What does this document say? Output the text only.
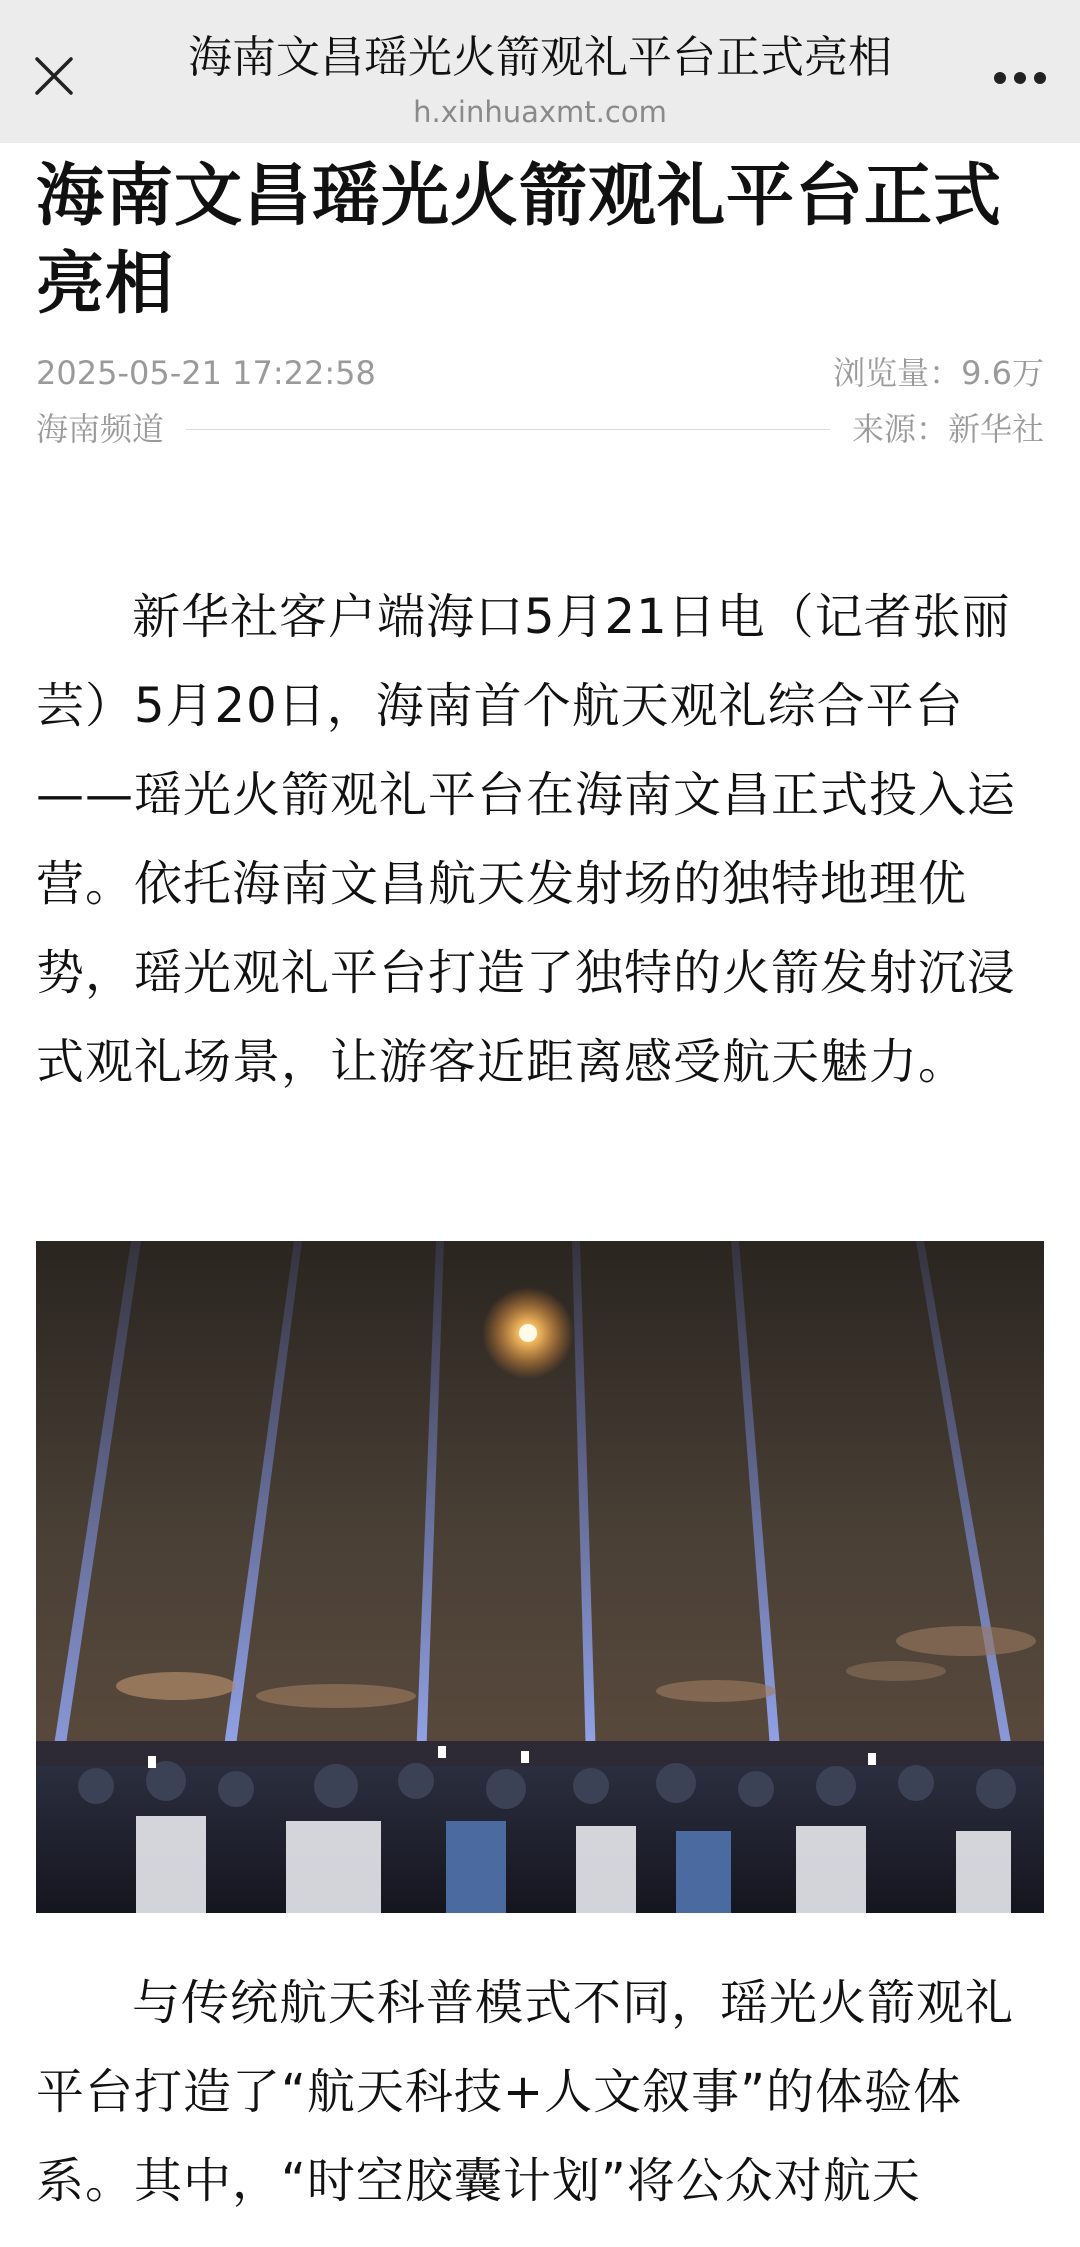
海南文昌瑶光火箭观礼平台正式亮相
h.xinhuaxmt.com
海南文昌瑶光火箭观礼平台正式亮相
2025-05-21 17:22:58	浏览量：9.6万
海南频道	来源：新华社

新华社客户端海口5月21日电（记者张丽芸）5月20日，海南首个航天观礼综合平台——瑶光火箭观礼平台在海南文昌正式投入运营。依托海南文昌航天发射场的独特地理优势，瑶光观礼平台打造了独特的火箭发射沉浸式观礼场景，让游客近距离感受航天魅力。

与传统航天科普模式不同，瑶光火箭观礼平台打造了“航天科技+人文叙事”的体验体系。其中，“时空胶囊计划”将公众对航天
